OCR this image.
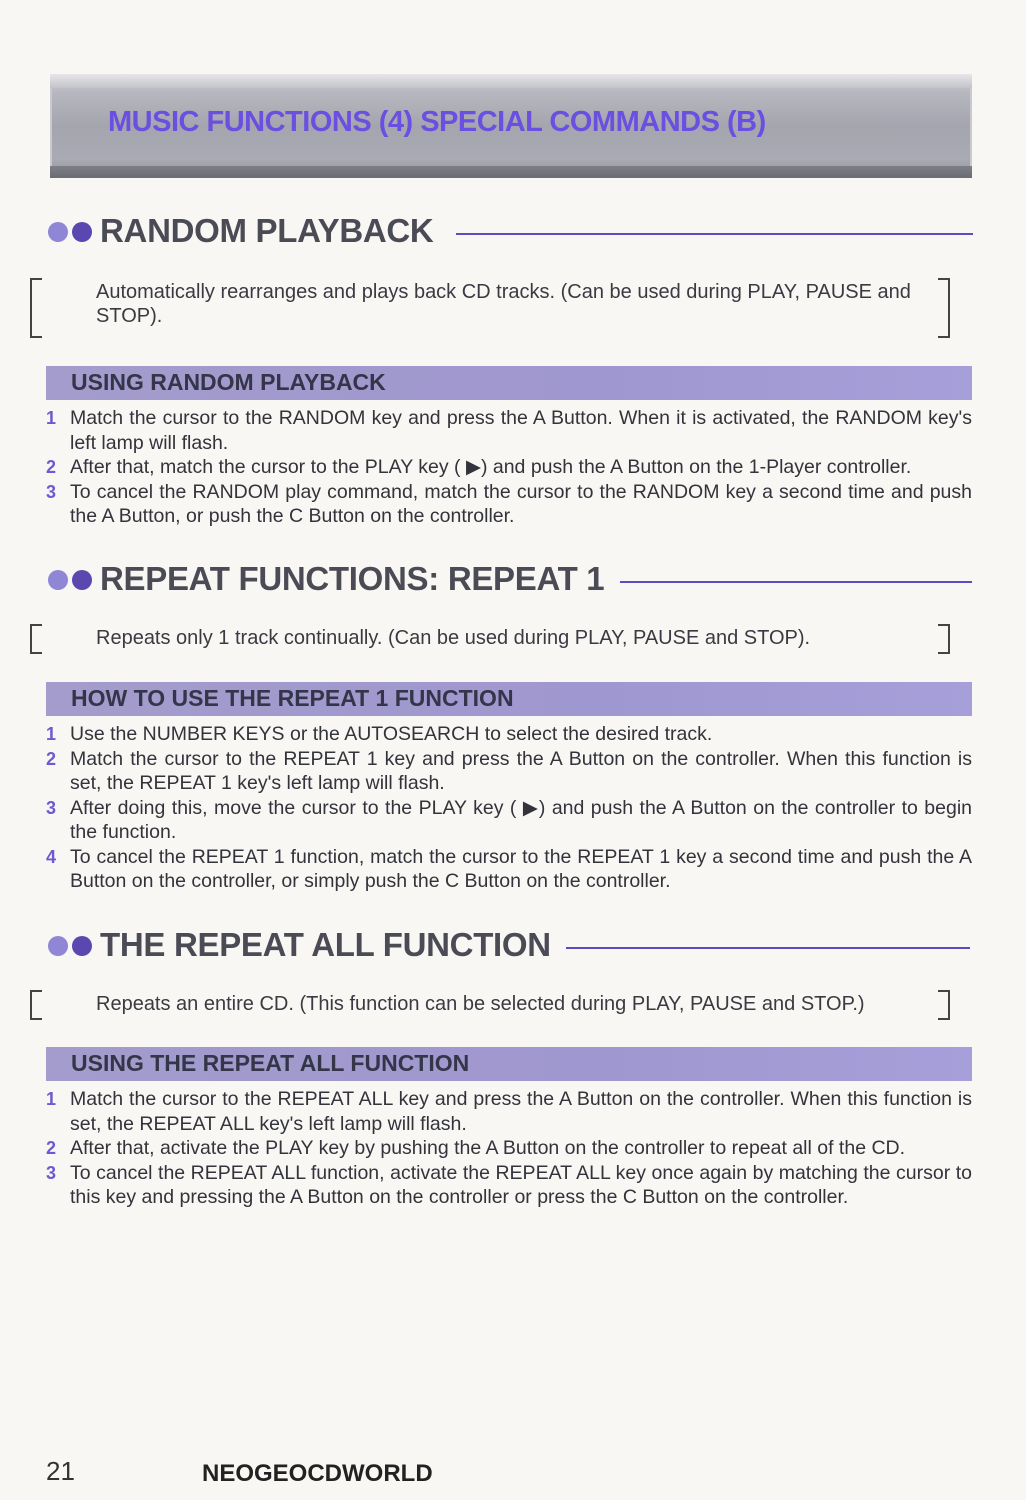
MUSIC FUNCTIONS (4) SPECIAL COMMANDS (B)
RANDOM PLAYBACK
Automatically rearranges and plays back CD tracks. (Can be used during PLAY, PAUSE and STOP).
USING RANDOM PLAYBACK
1 Match the cursor to the RANDOM key and press the A Button. When it is activated, the RANDOM key's left lamp will flash.
2 After that, match the cursor to the PLAY key ( ▶) and push the A Button on the 1-Player controller.
3 To cancel the RANDOM play command, match the cursor to the RANDOM key a second time and push the A Button, or push the C Button on the controller.
REPEAT FUNCTIONS: REPEAT 1
Repeats only 1 track continually. (Can be used during PLAY, PAUSE and STOP).
HOW TO USE THE REPEAT 1 FUNCTION
1 Use the NUMBER KEYS or the AUTOSEARCH to select the desired track.
2 Match the cursor to the REPEAT 1 key and press the A Button on the controller. When this function is set, the REPEAT 1 key's left lamp will flash.
3 After doing this, move the cursor to the PLAY key ( ▶) and push the A Button on the controller to begin the function.
4 To cancel the REPEAT 1 function, match the cursor to the REPEAT 1 key a second time and push the A Button on the controller, or simply push the C Button on the controller.
THE REPEAT ALL FUNCTION
Repeats an entire CD. (This function can be selected during PLAY, PAUSE and STOP.)
USING THE REPEAT ALL FUNCTION
1 Match the cursor to the REPEAT ALL key and press the A Button on the controller. When this function is set, the REPEAT ALL key's left lamp will flash.
2 After that, activate the PLAY key by pushing the A Button on the controller to repeat all of the CD.
3 To cancel the REPEAT ALL function, activate the REPEAT ALL key once again by matching the cursor to this key and pressing the A Button on the controller or press the C Button on the controller.
21	NEOGEOCDWORLD
